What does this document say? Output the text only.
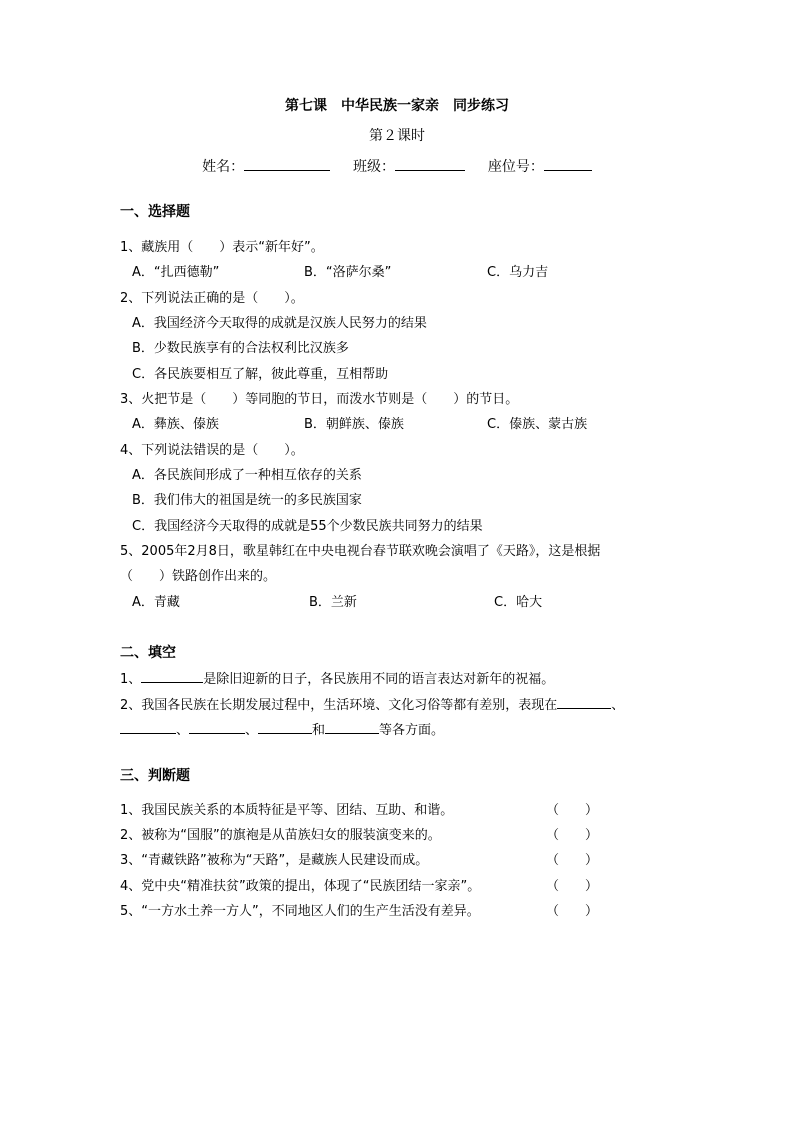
第七课　中华民族一家亲　同步练习
第２课时
姓名：	班级：	座位号：
一、选择题
1、藏族用（　　）表示“新年好”。
A．“扎西德勒”	B．“洛萨尔桑”	C．乌力吉
2、下列说法正确的是（　　）。
A．我国经济今天取得的成就是汉族人民努力的结果
B．少数民族享有的合法权利比汉族多
C．各民族要相互了解，彼此尊重，互相帮助
3、火把节是（　　）等同胞的节日，而泼水节则是（　　）的节日。
A．彝族、傣族	B．朝鲜族、傣族	C．傣族、蒙古族
4、下列说法错误的是（　　）。
A．各民族间形成了一种相互依存的关系
B．我们伟大的祖国是统一的多民族国家
C．我国经济今天取得的成就是55个少数民族共同努力的结果
5、2005年2月8日，歌星韩红在中央电视台春节联欢晚会演唱了《天路》，这是根据
（　　）铁路创作出来的。
A．青藏	B．兰新	C．哈大
二、填空
1、	是除旧迎新的日子，各民族用不同的语言表达对新年的祝福。
2、我国各民族在长期发展过程中，生活环境、文化习俗等都有差别，表现在	、
、	、	和	等各方面。
三、判断题
1、我国民族关系的本质特征是平等、团结、互助、和谐。	（　　）
2、被称为“国服”的旗袍是从苗族妇女的服装演变来的。	（　　）
3、“青藏铁路”被称为“天路”，是藏族人民建设而成。	（　　）
4、党中央“精准扶贫”政策的提出，体现了“民族团结一家亲”。	（　　）
5、“一方水土养一方人”，不同地区人们的生产生活没有差异。	（　　）
